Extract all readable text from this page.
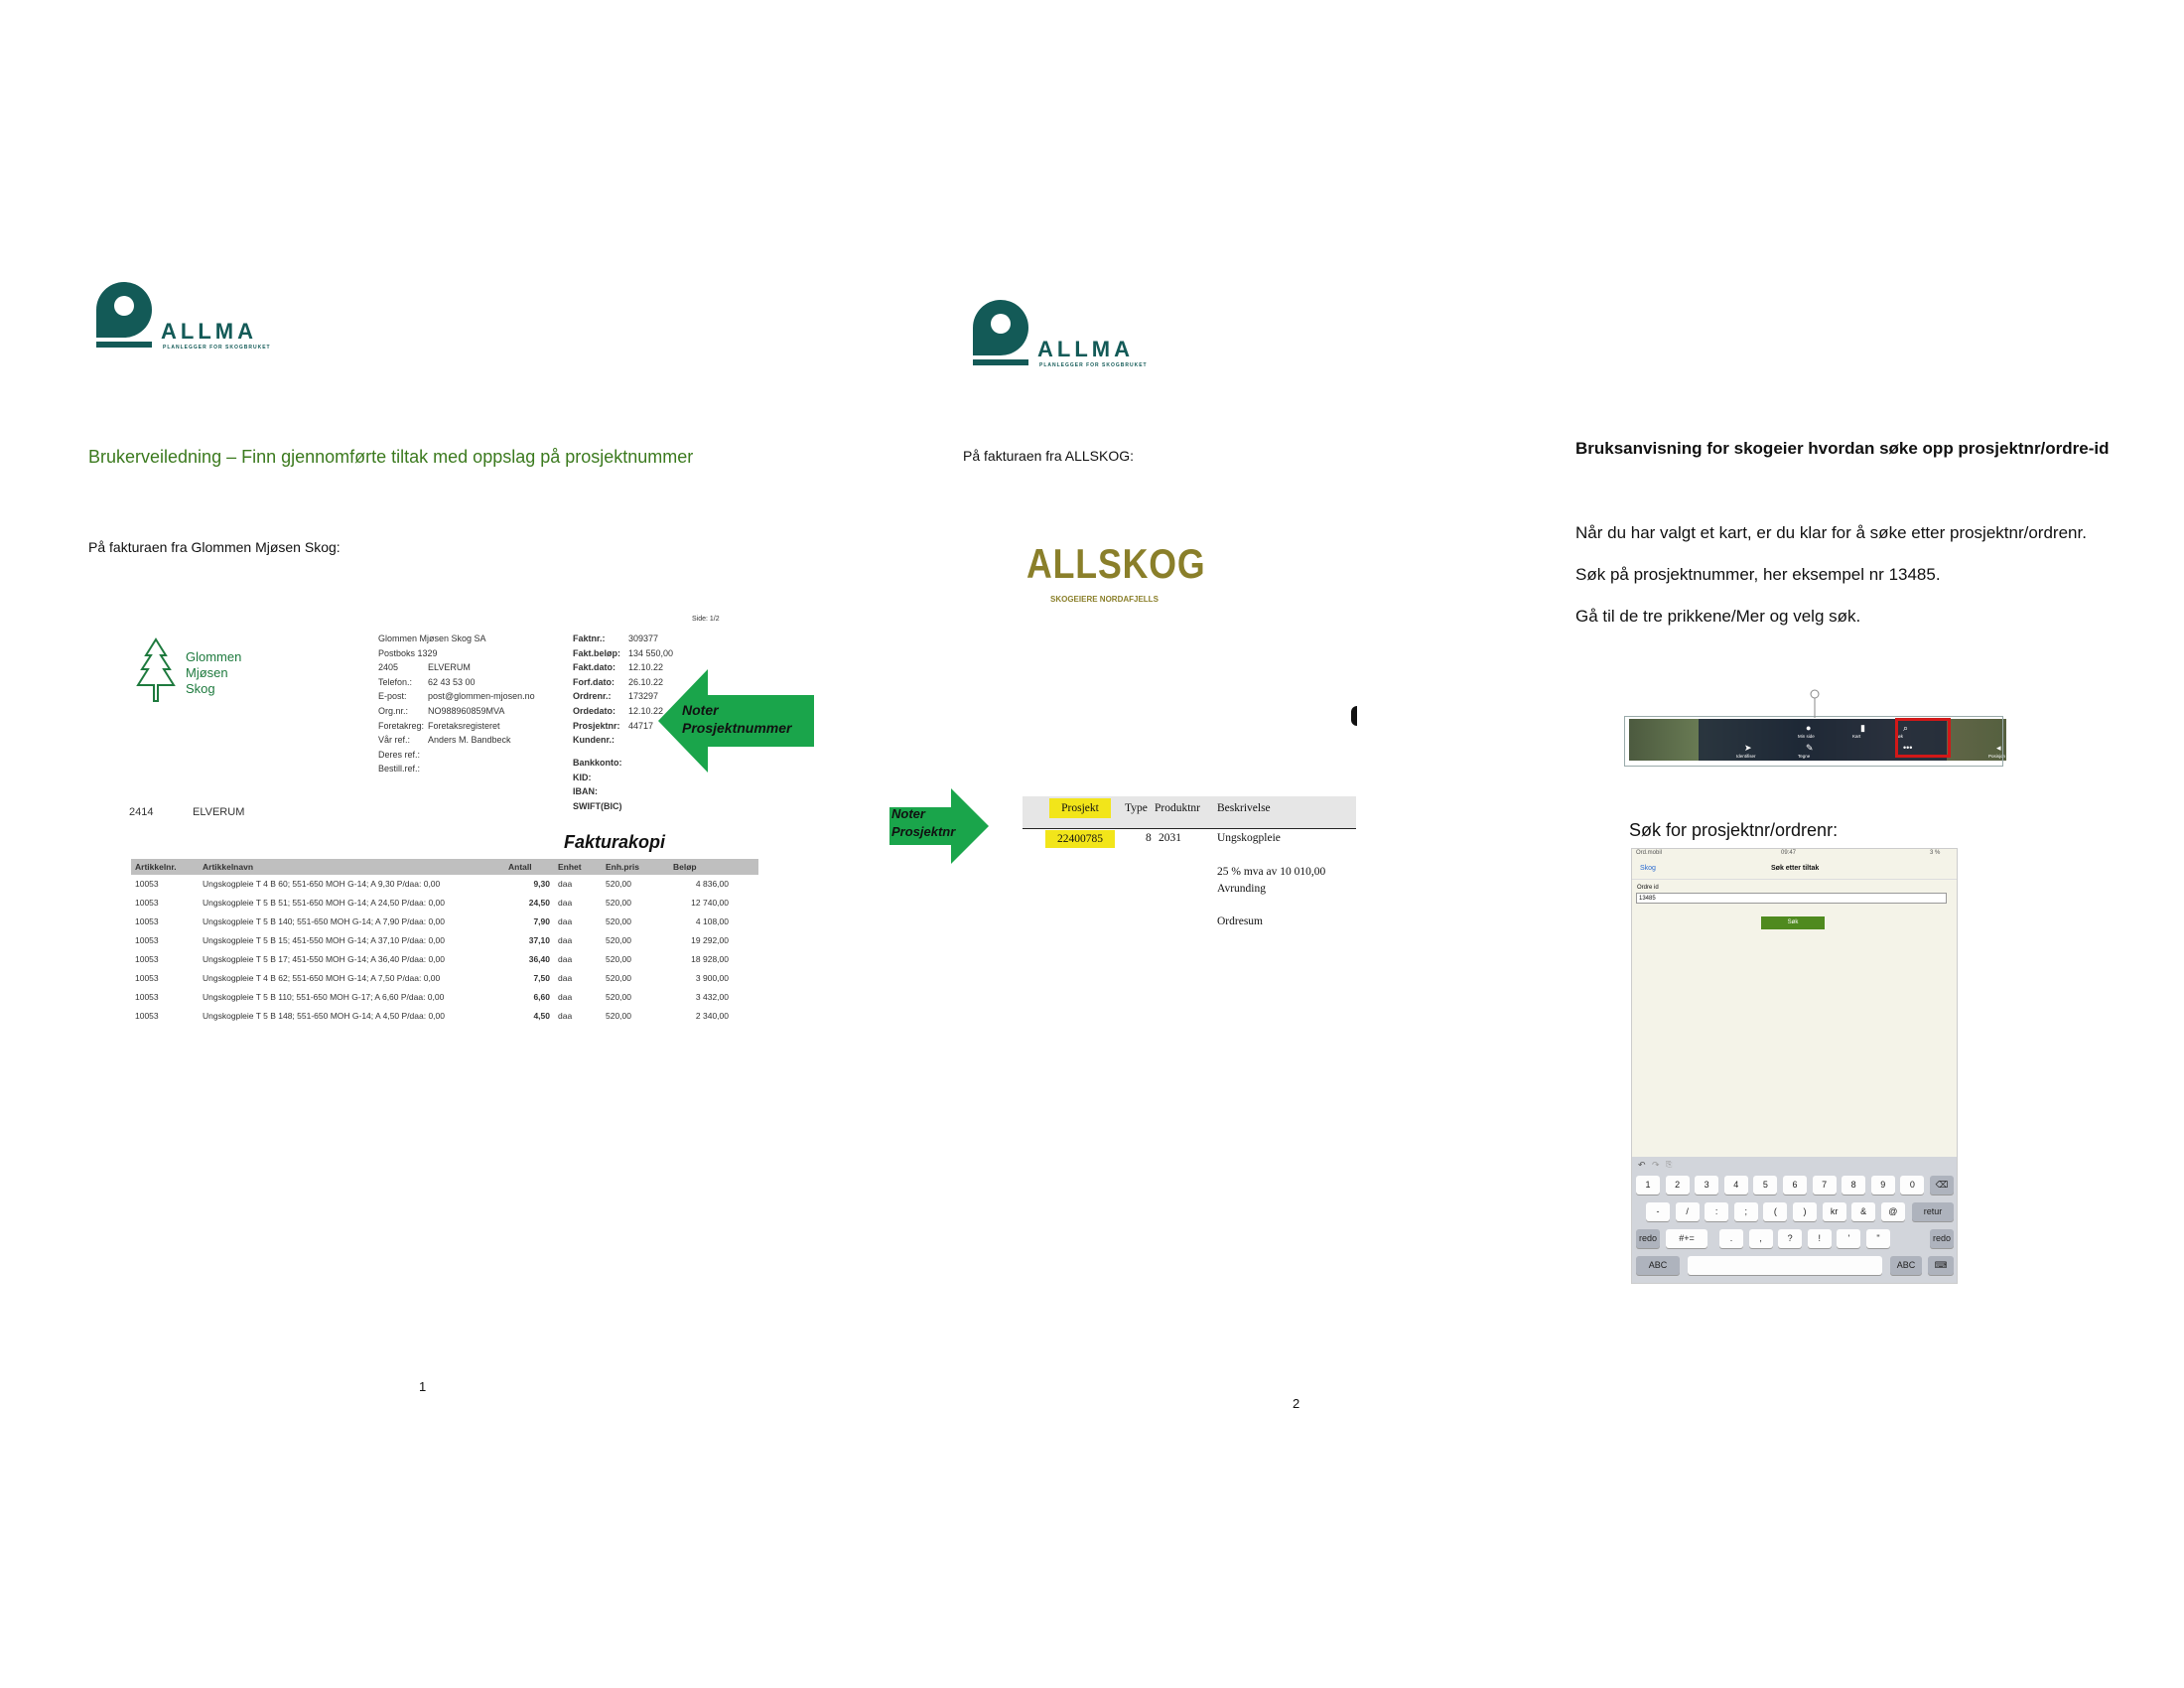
ALLMA
PLANLEGGER FOR SKOGBRUKET
Brukerveiledning – Finn gjennomførte tiltak med oppslag på prosjektnummer
På fakturaen fra Glommen Mjøsen Skog:
Glommen
Mjøsen
Skog
Side: 1/2
Glommen Mjøsen Skog SA
Postboks 1329
2405	ELVERUM
Telefon.: 62 43 53 00
E-post: post@glommen-mjosen.no
Org.nr.: NO988960859MVA
Foretakreg: Foretaksregisteret
Vår ref.: Anders M. Bandbeck
Deres ref.:
Bestill.ref.:
Faktnr.:	309377
Fakt.beløp: 134 550,00
Fakt.dato: 12.10.22
Forf.dato: 26.10.22
Ordrenr.: 173297
Ordedato: 12.10.22
Prosjektnr: 44717
Kundenr.:
Bankkonto:
KID:
IBAN:
SWIFT(BIC)
Noter Prosjektnummer
2414	ELVERUM
Fakturakopi
Artikkelnr.	Artikkelnavn	Antall	Enhet	Enh.pris	Beløp
10053	Ungskogpleie T 4 B 60; 551-650 MOH G-14; A 9,30 P/daa: 0,00	9,30	daa	520,00	4 836,00
10053	Ungskogpleie T 5 B 51; 551-650 MOH G-14; A 24,50 P/daa: 0,00	24,50	daa	520,00	12 740,00
10053	Ungskogpleie T 5 B 140; 551-650 MOH G-14; A 7,90 P/daa: 0,00	7,90	daa	520,00	4 108,00
10053	Ungskogpleie T 5 B 15; 451-550 MOH G-14; A 37,10 P/daa: 0,00	37,10	daa	520,00	19 292,00
10053	Ungskogpleie T 5 B 17; 451-550 MOH G-14; A 36,40 P/daa: 0,00	36,40	daa	520,00	18 928,00
10053	Ungskogpleie T 4 B 62; 551-650 MOH G-14; A 7,50 P/daa: 0,00	7,50	daa	520,00	3 900,00
10053	Ungskogpleie T 5 B 110; 551-650 MOH G-17; A 6,60 P/daa: 0,00	6,60	daa	520,00	3 432,00
10053	Ungskogpleie T 5 B 148; 551-650 MOH G-14; A 4,50 P/daa: 0,00	4,50	daa	520,00	2 340,00
1
ALLMA
PLANLEGGER FOR SKOGBRUKET
På fakturaen fra ALLSKOG:
ALLSKOG
SKOGEIERE NORDAFJELLS
Noter Prosjektnr
Prosjekt	Type Produktnr Beskrivelse
22400785	8 2031	Ungskogpleie
25 % mva av 10 010,00
Avrunding
Ordresum
2
Bruksanvisning for skogeier hvordan søke opp prosjektnr/ordre-id
Når du har valgt et kart, er du klar for å søke etter prosjektnr/ordrenr.
Søk på prosjektnummer, her eksempel nr 13485.
Gå til de tre prikkene/Mer og velg søk.
➤
Identifiser
●
Min side
▮
Kart
⌕
Søk
◂
Posisjon
✎
Tegne
•••
Mer
Søk for prosjektnr/ordrenr:
Ord.mobil	09:47	3 %
Skog	Søk etter tiltak
Ordre id
13485
Søk
↶ ↷ ⎘
1	2	3	4	5	6	7	8	9	0	⌫
-	/	:	;	(	)	kr	&	@	retur
redo	#+=	.	,	?	!	'	"	redo
ABC	ABC	⌨
